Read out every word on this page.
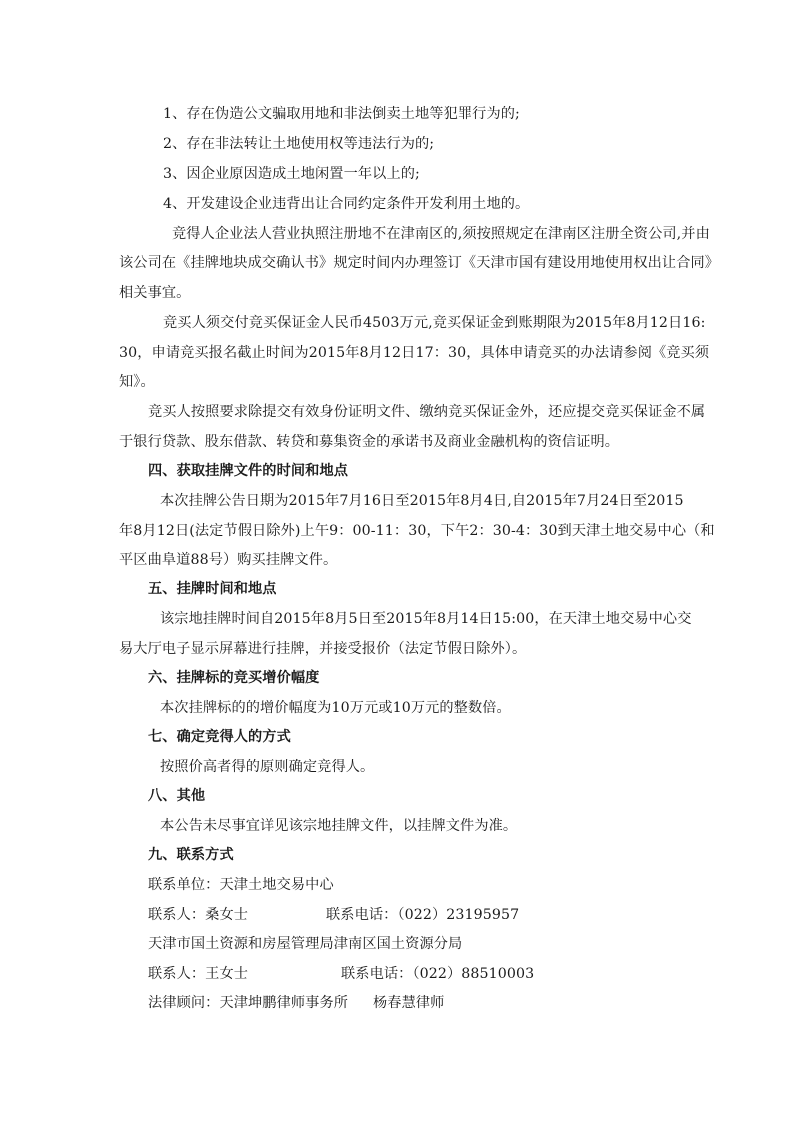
1、存在伪造公文骗取用地和非法倒卖土地等犯罪行为的;
2、存在非法转让土地使用权等违法行为的;
3、因企业原因造成土地闲置一年以上的;
4、开发建设企业违背出让合同约定条件开发利用土地的。
竞得人企业法人营业执照注册地不在津南区的,须按照规定在津南区注册全资公司,并由
该公司在《挂牌地块成交确认书》规定时间内办理签订《天津市国有建设用地使用权出让合同》
相关事宜。
竞买人须交付竞买保证金人民币4503万元,竞买保证金到账期限为2015年8月12日16:
30，申请竞买报名截止时间为2015年8月12日17：30，具体申请竞买的办法请参阅《竞买须
知》。
竞买人按照要求除提交有效身份证明文件、缴纳竞买保证金外，还应提交竞买保证金不属
于银行贷款、股东借款、转贷和募集资金的承诺书及商业金融机构的资信证明。
四、获取挂牌文件的时间和地点
本次挂牌公告日期为2015年7月16日至2015年8月4日,自2015年7月24日至2015
年8月12日(法定节假日除外)上午9：00-11：30，下午2：30-4：30到天津土地交易中心（和
平区曲阜道88号）购买挂牌文件。
五、挂牌时间和地点
该宗地挂牌时间自2015年8月5日至2015年8月14日15:00，在天津土地交易中心交
易大厅电子显示屏幕进行挂牌，并接受报价（法定节假日除外）。
六、挂牌标的竞买增价幅度
本次挂牌标的的增价幅度为10万元或10万元的整数倍。
七、确定竞得人的方式
按照价高者得的原则确定竞得人。
八、其他
本公告未尽事宜详见该宗地挂牌文件，以挂牌文件为准。
九、联系方式
联系单位：天津土地交易中心
联系人：桑女士	联系电话：（022）23195957
天津市国土资源和房屋管理局津南区国土资源分局
联系人：王女士	联系电话：（022）88510003
法律顾问：天津坤鹏律师事务所 杨春慧律师
